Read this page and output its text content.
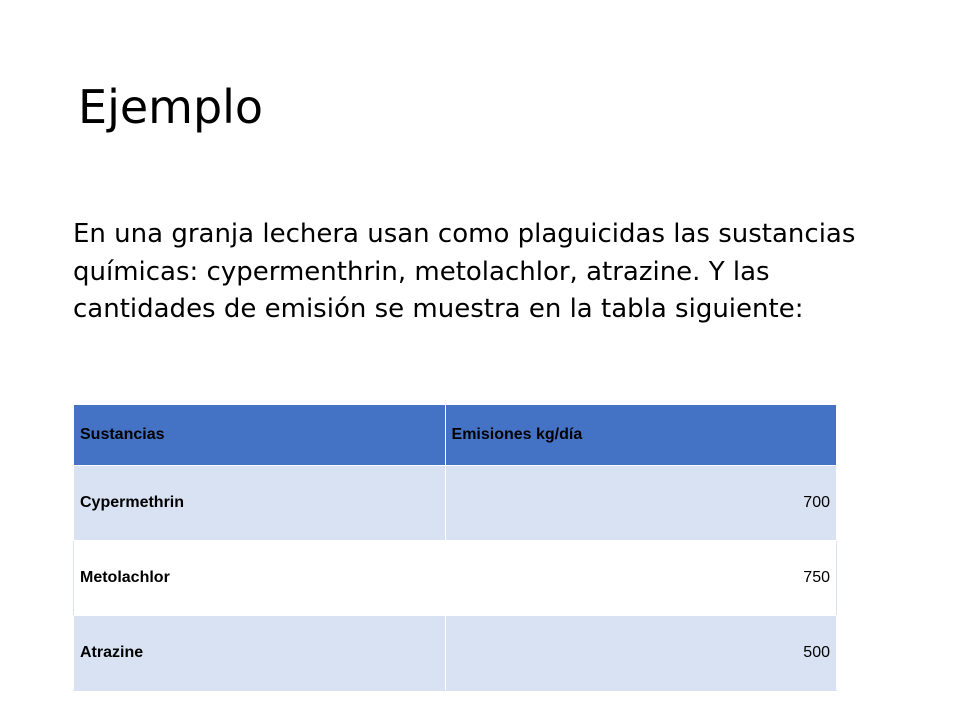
Ejemplo

En una granja lechera usan como plaguicidas las sustancias químicas: cypermenthrin, metolachlor, atrazine. Y las cantidades de emisión se muestra en la tabla siguiente:

Sustancias	Emisiones kg/día
Cypermethrin	700
Metolachlor	750
Atrazine	500
